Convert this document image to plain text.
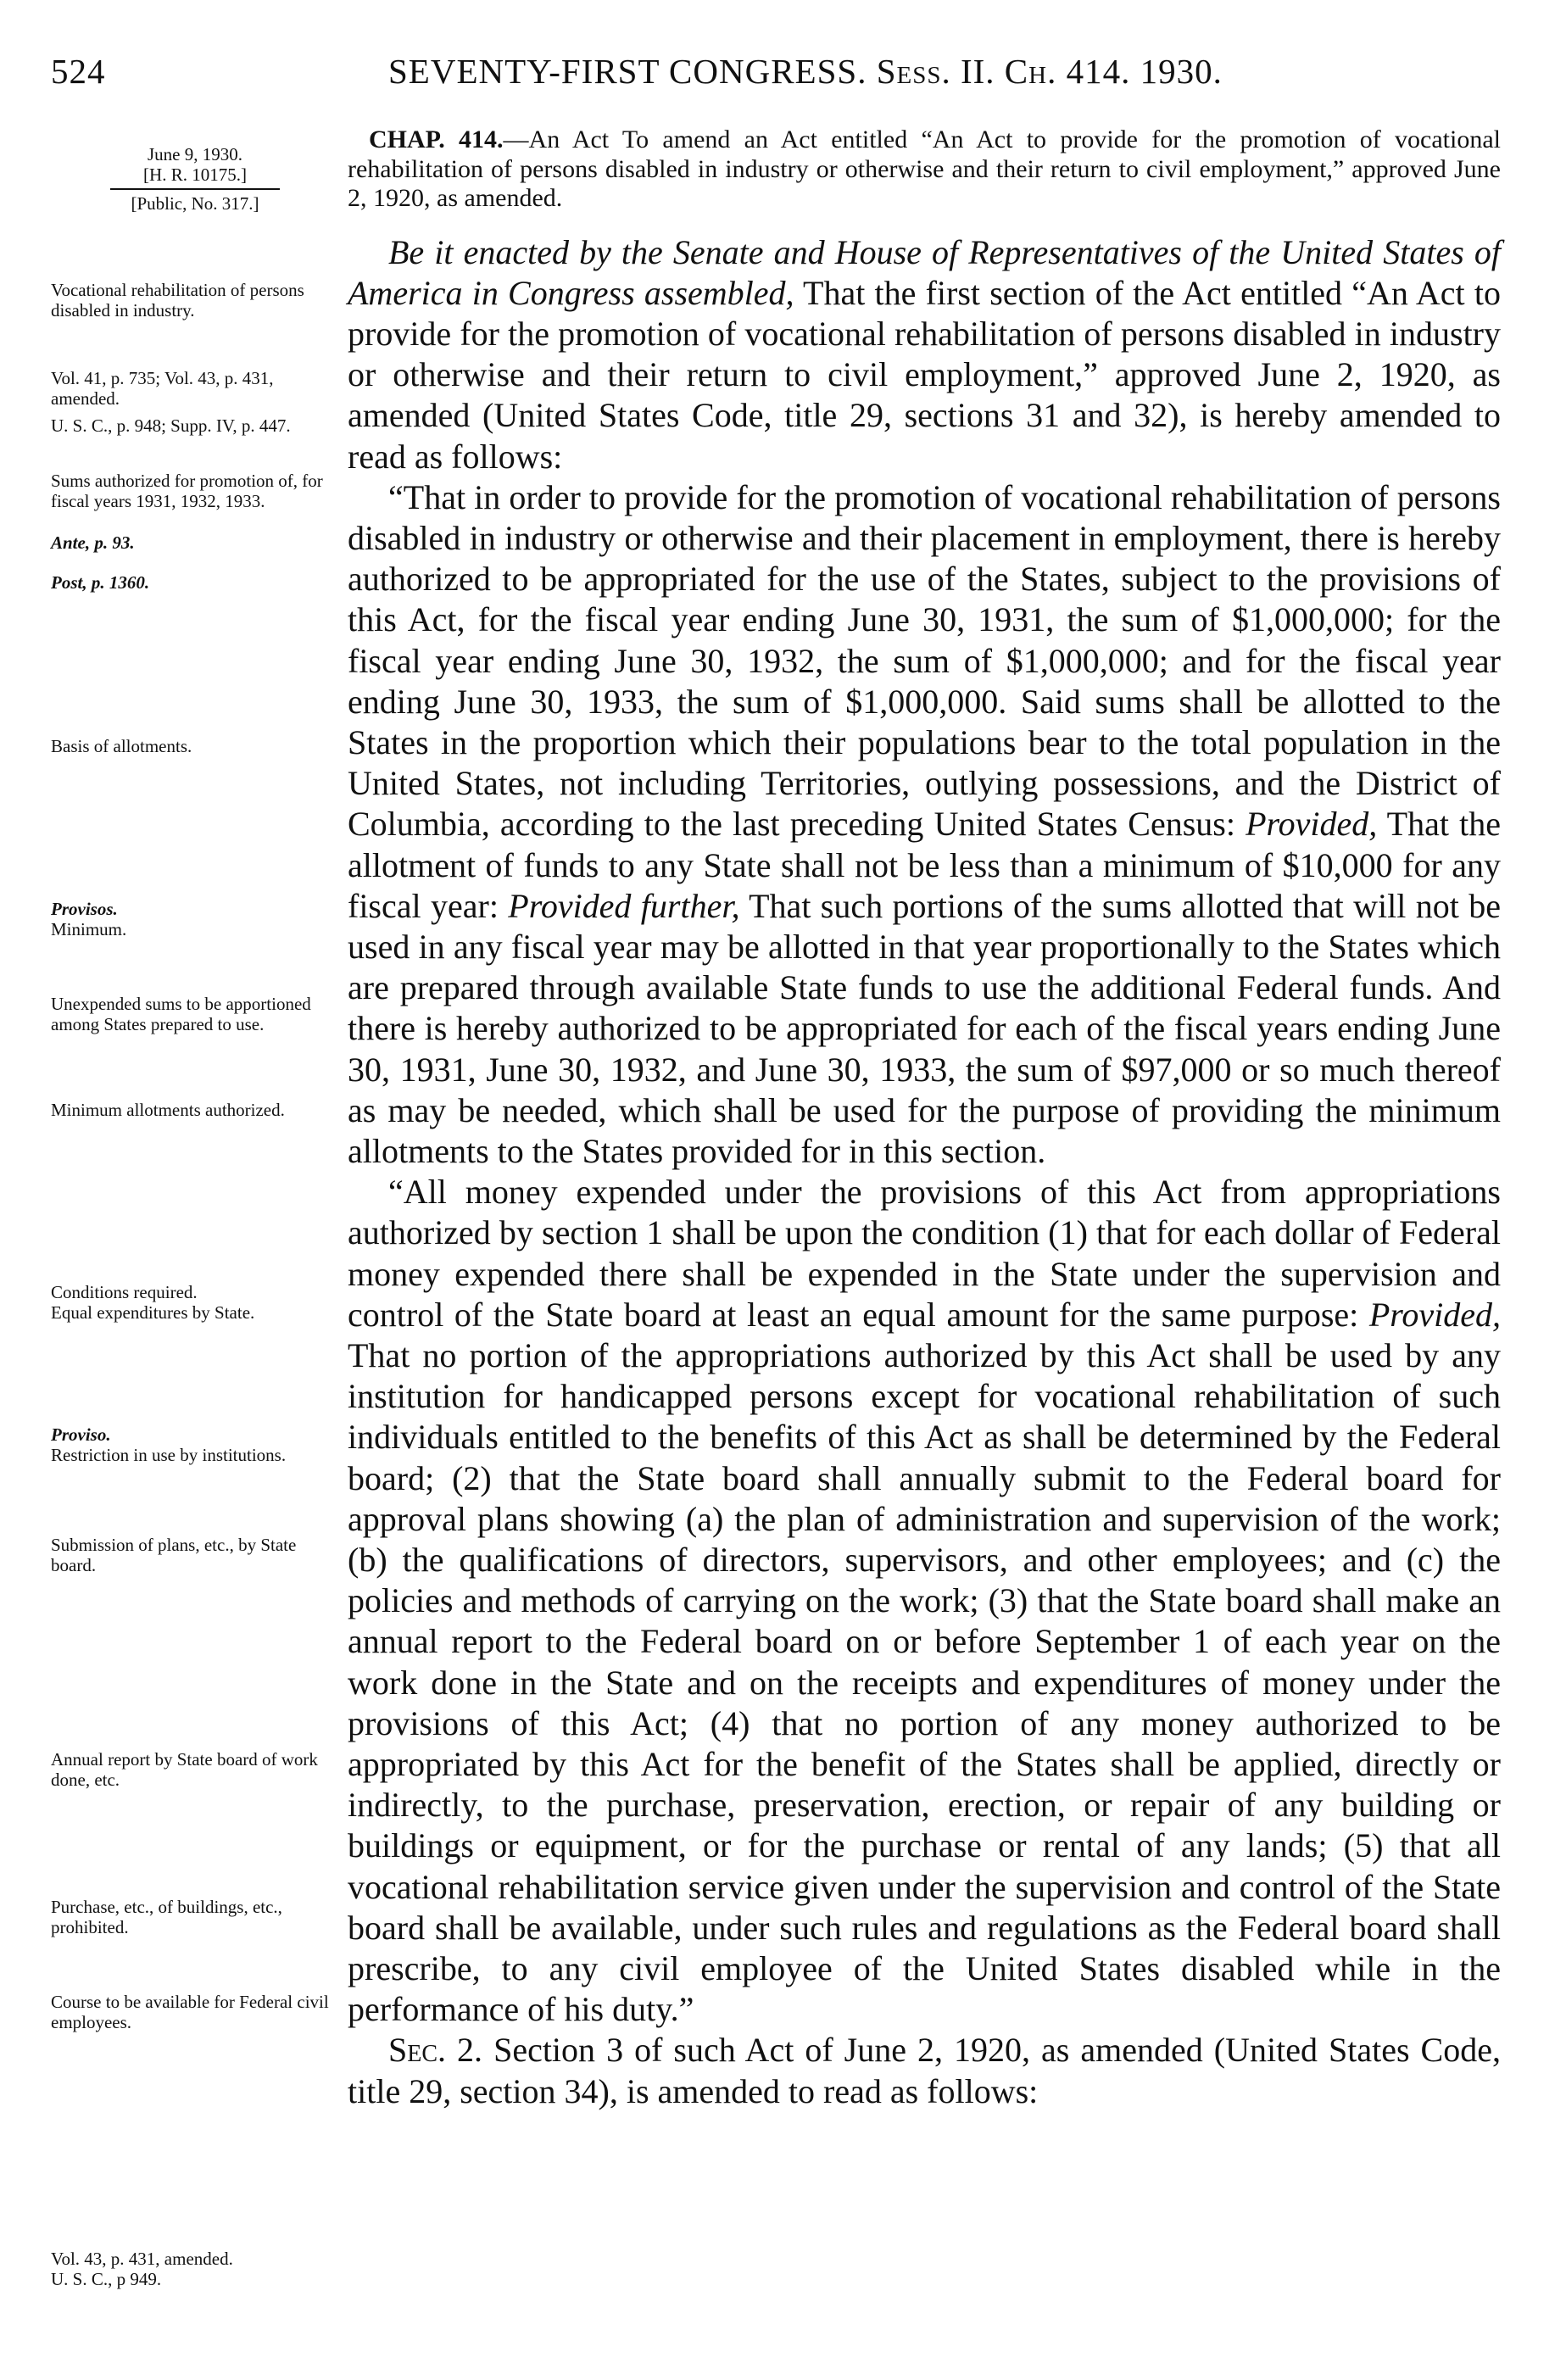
524	SEVENTY-FIRST CONGRESS. Sess. II. Ch. 414. 1930.
June 9, 1930.
[H. R. 10175.]
[Public, No. 317.]
Vocational rehabilitation of persons disabled in industry.
Vol. 41, p. 735; Vol. 43, p. 431, amended.
U. S. C., p. 948; Supp. IV, p. 447.
Sums authorized for promotion of, for fiscal years 1931, 1932, 1933.
Ante, p. 93.
Post, p. 1360.
Basis of allotments.
Provisos.
Minimum.
Unexpended sums to be apportioned among States prepared to use.
Minimum allotments authorized.
Conditions required.
Equal expenditures by State.
Proviso.
Restriction in use by institutions.
Submission of plans, etc., by State board.
Annual report by State board of work done, etc.
Purchase, etc., of buildings, etc., prohibited.
Course to be available for Federal civil employees.
Vol. 43, p. 431, amended.
U. S. C., p 949.

CHAP. 414.—An Act To amend an Act entitled “An Act to provide for the promotion of vocational rehabilitation of persons disabled in industry or otherwise and their return to civil employment,” approved June 2, 1920, as amended.

Be it enacted by the Senate and House of Representatives of the United States of America in Congress assembled, That the first section of the Act entitled “An Act to provide for the promotion of vocational rehabilitation of persons disabled in industry or otherwise and their return to civil employment,” approved June 2, 1920, as amended (United States Code, title 29, sections 31 and 32), is hereby amended to read as follows:

“That in order to provide for the promotion of vocational rehabilitation of persons disabled in industry or otherwise and their placement in employment, there is hereby authorized to be appropriated for the use of the States, subject to the provisions of this Act, for the fiscal year ending June 30, 1931, the sum of $1,000,000; for the fiscal year ending June 30, 1932, the sum of $1,000,000; and for the fiscal year ending June 30, 1933, the sum of $1,000,000. Said sums shall be allotted to the States in the proportion which their populations bear to the total population in the United States, not including Territories, outlying possessions, and the District of Columbia, according to the last preceding United States Census: Provided, That the allotment of funds to any State shall not be less than a minimum of $10,000 for any fiscal year: Provided further, That such portions of the sums allotted that will not be used in any fiscal year may be allotted in that year proportionally to the States which are prepared through available State funds to use the additional Federal funds. And there is hereby authorized to be appropriated for each of the fiscal years ending June 30, 1931, June 30, 1932, and June 30, 1933, the sum of $97,000 or so much thereof as may be needed, which shall be used for the purpose of providing the minimum allotments to the States provided for in this section.

“All money expended under the provisions of this Act from appropriations authorized by section 1 shall be upon the condition (1) that for each dollar of Federal money expended there shall be expended in the State under the supervision and control of the State board at least an equal amount for the same purpose: Provided, That no portion of the appropriations authorized by this Act shall be used by any institution for handicapped persons except for vocational rehabilitation of such individuals entitled to the benefits of this Act as shall be determined by the Federal board; (2) that the State board shall annually submit to the Federal board for approval plans showing (a) the plan of administration and supervision of the work; (b) the qualifications of directors, supervisors, and other employees; and (c) the policies and methods of carrying on the work; (3) that the State board shall make an annual report to the Federal board on or before September 1 of each year on the work done in the State and on the receipts and expenditures of money under the provisions of this Act; (4) that no portion of any money authorized to be appropriated by this Act for the benefit of the States shall be applied, directly or indirectly, to the purchase, preservation, erection, or repair of any building or buildings or equipment, or for the purchase or rental of any lands; (5) that all vocational rehabilitation service given under the supervision and control of the State board shall be available, under such rules and regulations as the Federal board shall prescribe, to any civil employee of the United States disabled while in the performance of his duty.”

Sec. 2. Section 3 of such Act of June 2, 1920, as amended (United States Code, title 29, section 34), is amended to read as follows:
